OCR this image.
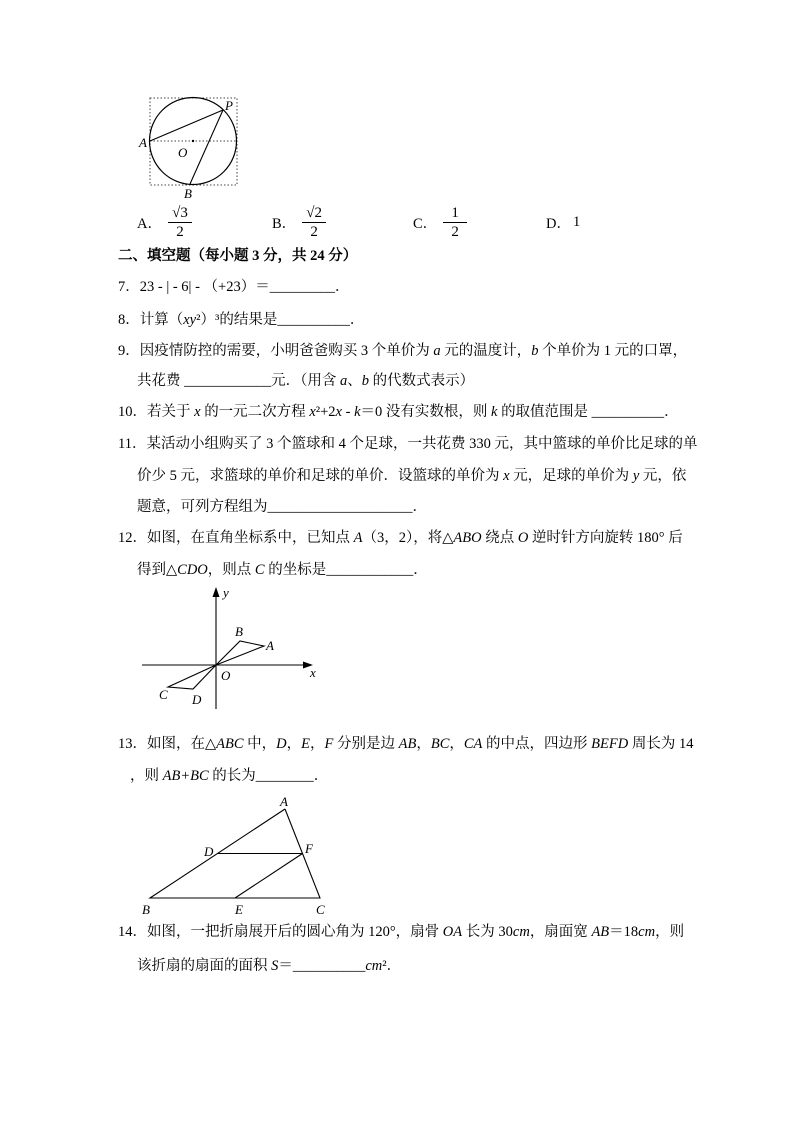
A
O
B
P
A． $\frac{√3}{2}$	B． $\frac{√2}{2}$	C． $\frac{1}{2}$	D． 1
二、填空题（每小题 3 分，共 24 分）
7．23 - | - 6| - （+23）＝_________．
8．计算（xy²）³的结果是__________．
9．因疫情防控的需要，小明爸爸购买 3 个单价为 a 元的温度计，b 个单价为 1 元的口罩，
共花费 ____________元．（用含 a、b 的代数式表示）
10．若关于 x 的一元二次方程 x²+2x - k＝0 没有实数根，则 k 的取值范围是 __________．
11．某活动小组购买了 3 个篮球和 4 个足球，一共花费 330 元，其中篮球的单价比足球的单
价少 5 元，求篮球的单价和足球的单价．设篮球的单价为 x 元，足球的单价为 y 元，依
题意，可列方程组为____________________．
12．如图，在直角坐标系中，已知点 A（3，2），将△ABO 绕点 O 逆时针方向旋转 180° 后
得到△CDO，则点 C 的坐标是____________．
y
x
B
A
O
C D
13．如图，在△ABC 中，D，E，F 分别是边 AB，BC，CA 的中点，四边形 BEFD 周长为 14
，则 AB+BC 的长为________．
A
D	F
B	E	C
14．如图，一把折扇展开后的圆心角为 120°，扇骨 OA 长为 30cm，扇面宽 AB＝18cm，则
该折扇的扇面的面积 S＝__________cm²．
